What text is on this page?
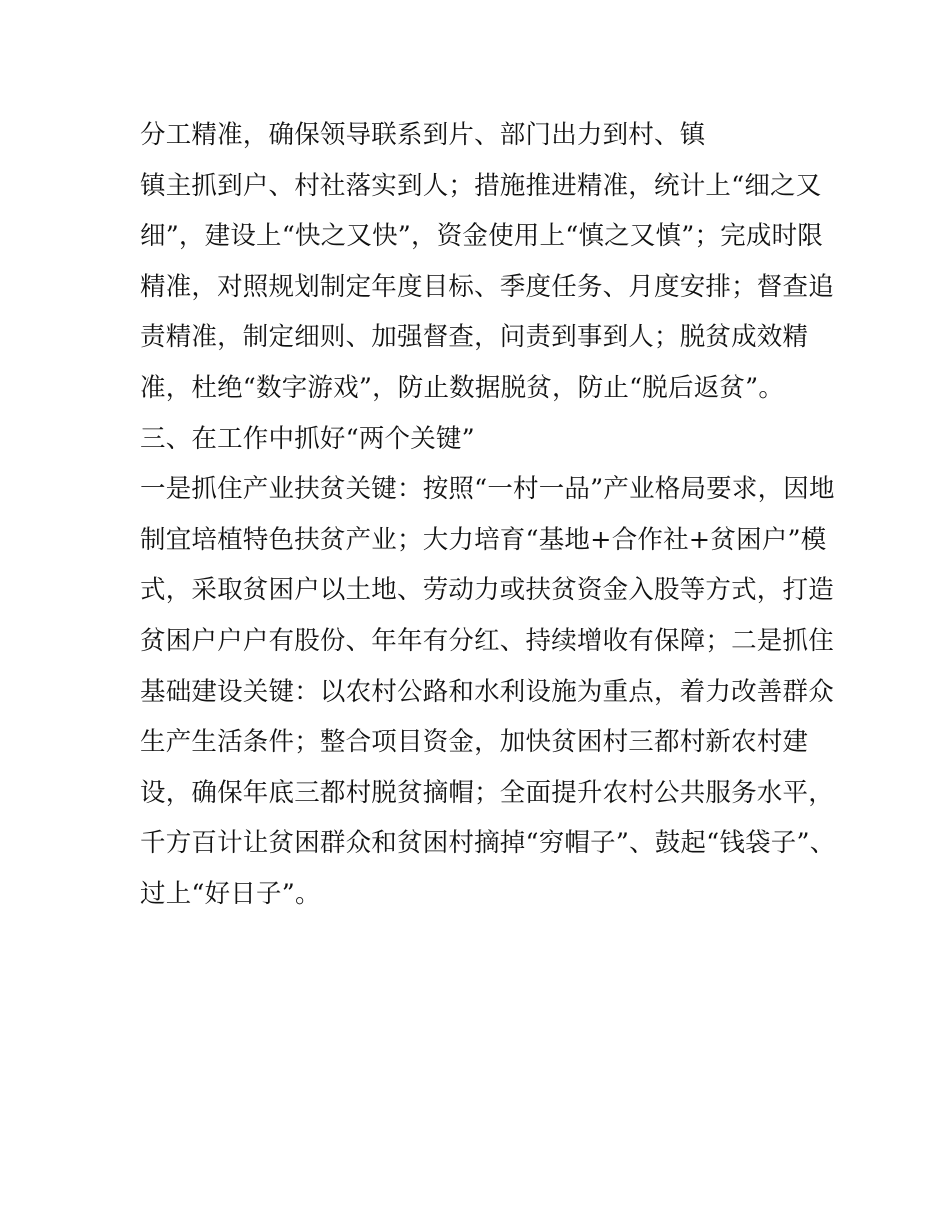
分工精准，确保领导联系到片、部门出力到村、镇
镇主抓到户、村社落实到人；措施推进精准，统计上“细之又
细”，建设上“快之又快”，资金使用上“慎之又慎”；完成时限
精准，对照规划制定年度目标、季度任务、月度安排；督查追
责精准，制定细则、加强督查，问责到事到人；脱贫成效精
准，杜绝“数字游戏”，防止数据脱贫，防止“脱后返贫”。
三、在工作中抓好“两个关键”
一是抓住产业扶贫关键：按照“一村一品”产业格局要求，因地
制宜培植特色扶贫产业；大力培育“基地+合作社+贫困户”模
式，采取贫困户以土地、劳动力或扶贫资金入股等方式，打造
贫困户户户有股份、年年有分红、持续增收有保障；二是抓住
基础建设关键：以农村公路和水利设施为重点，着力改善群众
生产生活条件；整合项目资金，加快贫困村三都村新农村建
设，确保年底三都村脱贫摘帽；全面提升农村公共服务水平，
千方百计让贫困群众和贫困村摘掉“穷帽子”、鼓起“钱袋子”、
过上“好日子”。
